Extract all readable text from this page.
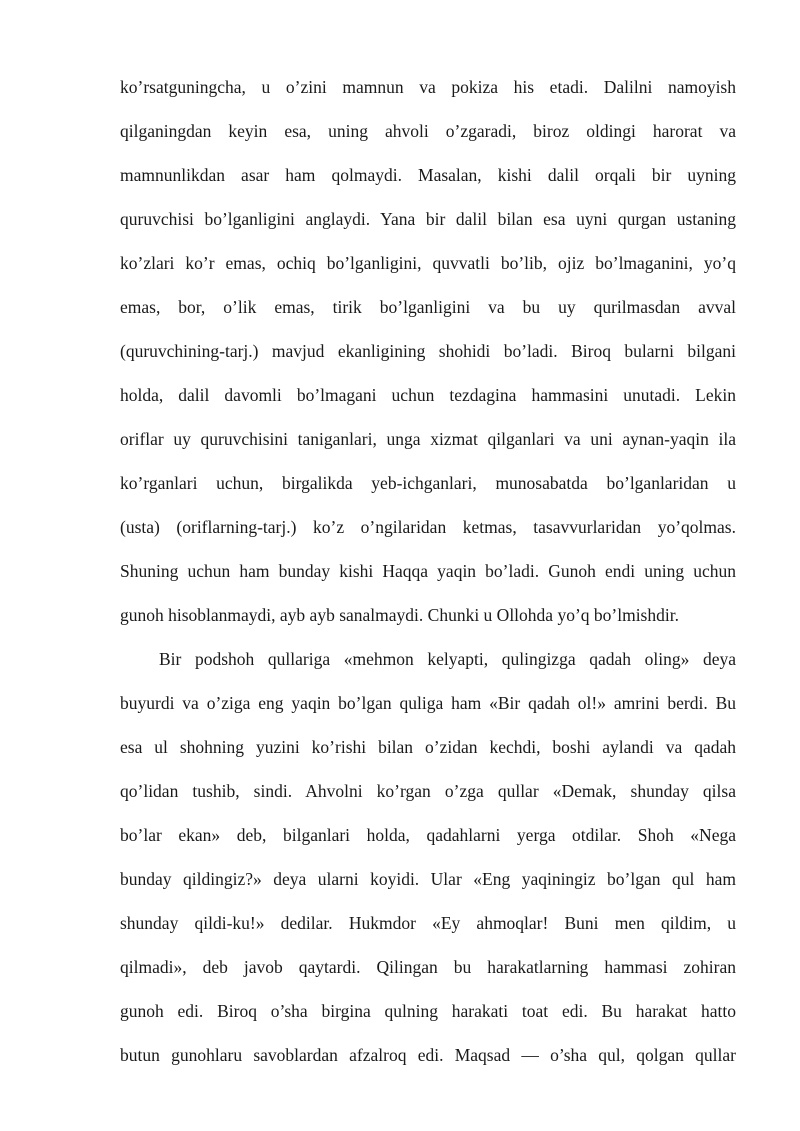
ko’rsatguningcha, u o’zini mamnun va pokiza his etadi. Dalilni namoyish
qilganingdan keyin esa, uning ahvoli o’zgaradi, biroz oldingi harorat va
mamnunlikdan asar ham qolmaydi. Masalan, kishi dalil orqali bir uyning
quruvchisi bo’lganligini anglaydi. Yana bir dalil bilan esa uyni qurgan ustaning
ko’zlari ko’r emas, ochiq bo’lganligini, quvvatli bo’lib, ojiz bo’lmaganini, yo’q
emas, bor, o’lik emas, tirik bo’lganligini va bu uy qurilmasdan avval
(quruvchining-tarj.) mavjud ekanligining shohidi bo’ladi. Biroq bularni bilgani
holda, dalil davomli bo’lmagani uchun tezdagina hammasini unutadi. Lekin
oriflar uy quruvchisini taniganlari, unga xizmat qilganlari va uni aynan-yaqin ila
ko’rganlari uchun, birgalikda yeb-ichganlari, munosabatda bo’lganlaridan u
(usta) (oriflarning-tarj.) ko’z o’ngilaridan ketmas, tasavvurlaridan yo’qolmas.
Shuning uchun ham bunday kishi Haqqa yaqin bo’ladi. Gunoh endi uning uchun
gunoh hisoblanmaydi, ayb ayb sanalmaydi. Chunki u Ollohda yo’q bo’lmishdir.
Bir podshoh qullariga «mehmon kelyapti, qulingizga qadah oling» deya
buyurdi va o’ziga eng yaqin bo’lgan quliga ham «Bir qadah ol!» amrini berdi. Bu
esa ul shohning yuzini ko’rishi bilan o’zidan kechdi, boshi aylandi va qadah
qo’lidan tushib, sindi. Ahvolni ko’rgan o’zga qullar «Demak, shunday qilsa
bo’lar ekan» deb, bilganlari holda, qadahlarni yerga otdilar. Shoh «Nega
bunday qildingiz?» deya ularni koyidi. Ular «Eng yaqiningiz bo’lgan qul ham
shunday qildi-ku!» dedilar. Hukmdor «Ey ahmoqlar! Buni men qildim, u
qilmadi», deb javob qaytardi. Qilingan bu harakatlarning hammasi zohiran
gunoh edi. Biroq o’sha birgina qulning harakati toat edi. Bu harakat hatto
butun gunohlaru savoblardan afzalroq edi. Maqsad — o’sha qul, qolgan qullar
